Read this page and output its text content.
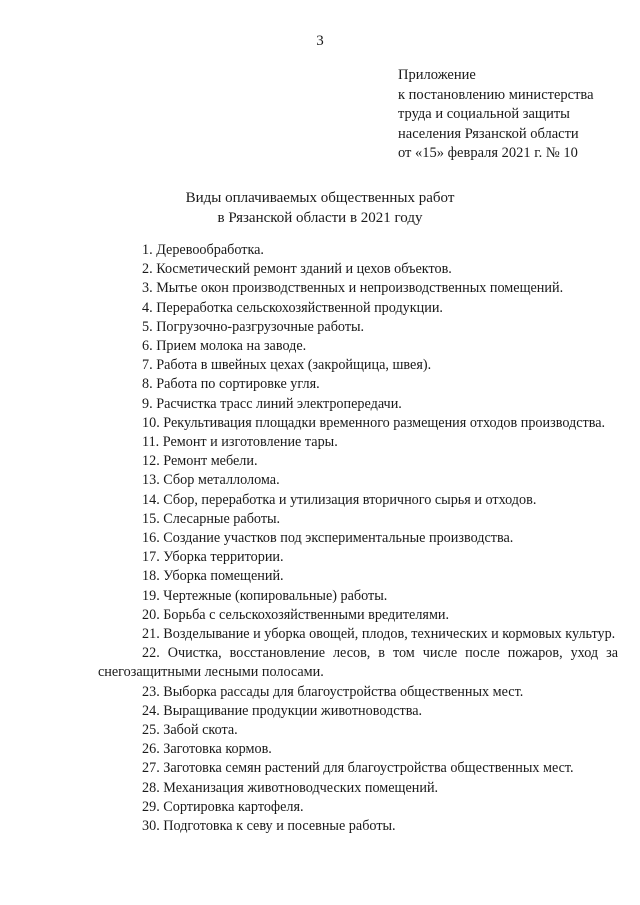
3
Приложение
к постановлению министерства
труда и социальной защиты
населения Рязанской области
от «15» февраля 2021 г. № 10
Виды оплачиваемых общественных работ
в Рязанской области в 2021 году
1. Деревообработка.
2. Косметический ремонт зданий и цехов объектов.
3. Мытье окон производственных и непроизводственных помещений.
4. Переработка сельскохозяйственной продукции.
5. Погрузочно-разгрузочные работы.
6. Прием молока на заводе.
7. Работа в швейных цехах (закройщица, швея).
8. Работа по сортировке угля.
9. Расчистка трасс линий электропередачи.
10. Рекультивация площадки временного размещения отходов производства.
11. Ремонт и изготовление тары.
12. Ремонт мебели.
13. Сбор металлолома.
14. Сбор, переработка и утилизация вторичного сырья и отходов.
15. Слесарные работы.
16. Создание участков под экспериментальные производства.
17. Уборка территории.
18. Уборка помещений.
19. Чертежные (копировальные) работы.
20. Борьба с сельскохозяйственными вредителями.
21. Возделывание и уборка овощей, плодов, технических и кормовых культур.
22. Очистка, восстановление лесов, в том числе после пожаров, уход за снегозащитными лесными полосами.
23. Выборка рассады для благоустройства общественных мест.
24. Выращивание продукции животноводства.
25. Забой скота.
26. Заготовка кормов.
27. Заготовка семян растений для благоустройства общественных мест.
28. Механизация животноводческих помещений.
29. Сортировка картофеля.
30. Подготовка к севу и посевные работы.
